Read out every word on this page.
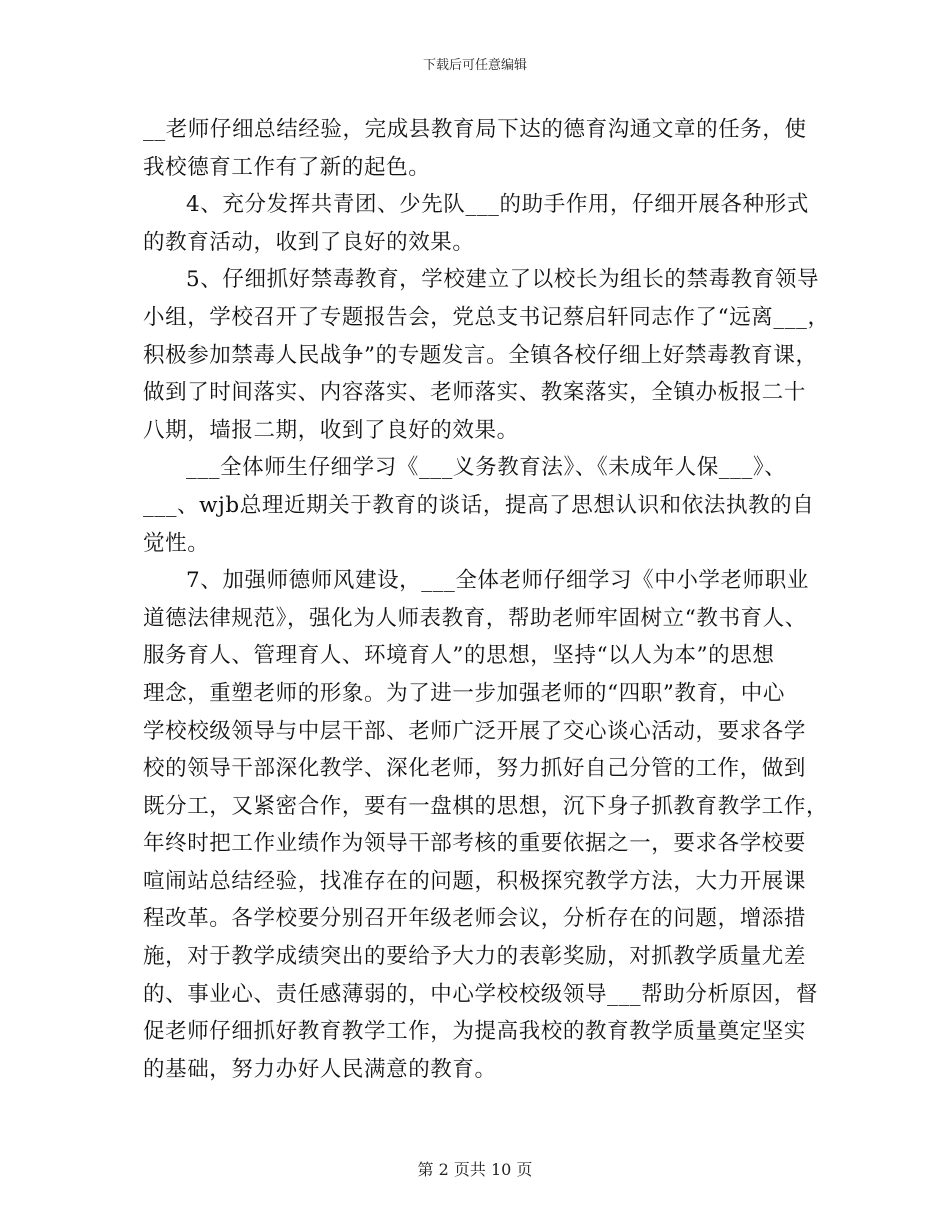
下载后可任意编辑
__老师仔细总结经验，完成县教育局下达的德育沟通文章的任务，使
我校德育工作有了新的起色。
4、充分发挥共青团、少先队___的助手作用，仔细开展各种形式
的教育活动，收到了良好的效果。
5、仔细抓好禁毒教育，学校建立了以校长为组长的禁毒教育领导
小组，学校召开了专题报告会，党总支书记蔡启轩同志作了“远离___，
积极参加禁毒人民战争”的专题发言。全镇各校仔细上好禁毒教育课，
做到了时间落实、内容落实、老师落实、教案落实，全镇办板报二十
八期，墙报二期，收到了良好的效果。
___全体师生仔细学习《___义务教育法》、《未成年人保___》、
___、wjb总理近期关于教育的谈话，提高了思想认识和依法执教的自
觉性。
7、加强师德师风建设，___全体老师仔细学习《中小学老师职业
道德法律规范》，强化为人师表教育，帮助老师牢固树立“教书育人、
服务育人、管理育人、环境育人”的思想，坚持“以人为本”的思想
理念，重塑老师的形象。为了进一步加强老师的“四职”教育，中心
学校校级领导与中层干部、老师广泛开展了交心谈心活动，要求各学
校的领导干部深化教学、深化老师，努力抓好自己分管的工作，做到
既分工，又紧密合作，要有一盘棋的思想，沉下身子抓教育教学工作，
年终时把工作业绩作为领导干部考核的重要依据之一，要求各学校要
喧闹站总结经验，找准存在的问题，积极探究教学方法，大力开展课
程改革。各学校要分别召开年级老师会议，分析存在的问题，增添措
施，对于教学成绩突出的要给予大力的表彰奖励，对抓教学质量尤差
的、事业心、责任感薄弱的，中心学校校级领导___帮助分析原因，督
促老师仔细抓好教育教学工作，为提高我校的教育教学质量奠定坚实
的基础，努力办好人民满意的教育。
第 2 页共 10 页
